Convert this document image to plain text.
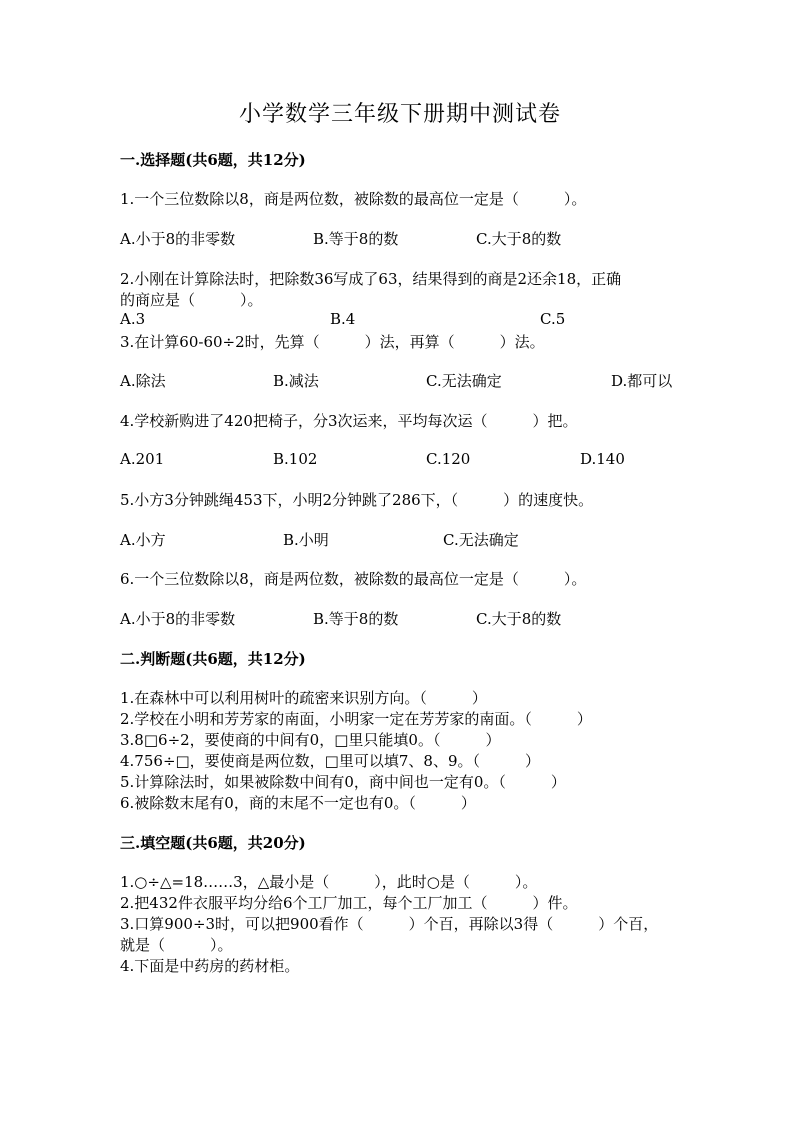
小学数学三年级下册期中测试卷
一.选择题(共6题，共12分)
1.一个三位数除以8，商是两位数，被除数的最高位一定是（　　　）。
A.小于8的非零数	B.等于8的数	C.大于8的数
2.小刚在计算除法时，把除数36写成了63，结果得到的商是2还余18，正确
的商应是（　　　）。
A.3	B.4	C.5
3.在计算60-60÷2时，先算（　　　）法，再算（　　　）法。
A.除法	B.减法	C.无法确定	D.都可以
4.学校新购进了420把椅子，分3次运来，平均每次运（　　　）把。
A.201	B.102	C.120	D.140
5.小方3分钟跳绳453下，小明2分钟跳了286下，（　　　）的速度快。
A.小方	B.小明	C.无法确定
6.一个三位数除以8，商是两位数，被除数的最高位一定是（　　　）。
A.小于8的非零数	B.等于8的数	C.大于8的数
二.判断题(共6题，共12分)
1.在森林中可以利用树叶的疏密来识别方向。（　　　）
2.学校在小明和芳芳家的南面，小明家一定在芳芳家的南面。（　　　）
3.8□6÷2，要使商的中间有0，□里只能填0。（　　　）
4.756÷□，要使商是两位数，□里可以填7、8、9。（　　　）
5.计算除法时，如果被除数中间有0，商中间也一定有0。（　　　）
6.被除数末尾有0，商的末尾不一定也有0。（　　　）
三.填空题(共6题，共20分)
1.○÷△=18……3，△最小是（　　　），此时○是（　　　）。
2.把432件衣服平均分给6个工厂加工，每个工厂加工（　　　）件。
3.口算900÷3时，可以把900看作（　　　）个百，再除以3得（　　　）个百，
就是（　　　）。
4.下面是中药房的药材柜。
